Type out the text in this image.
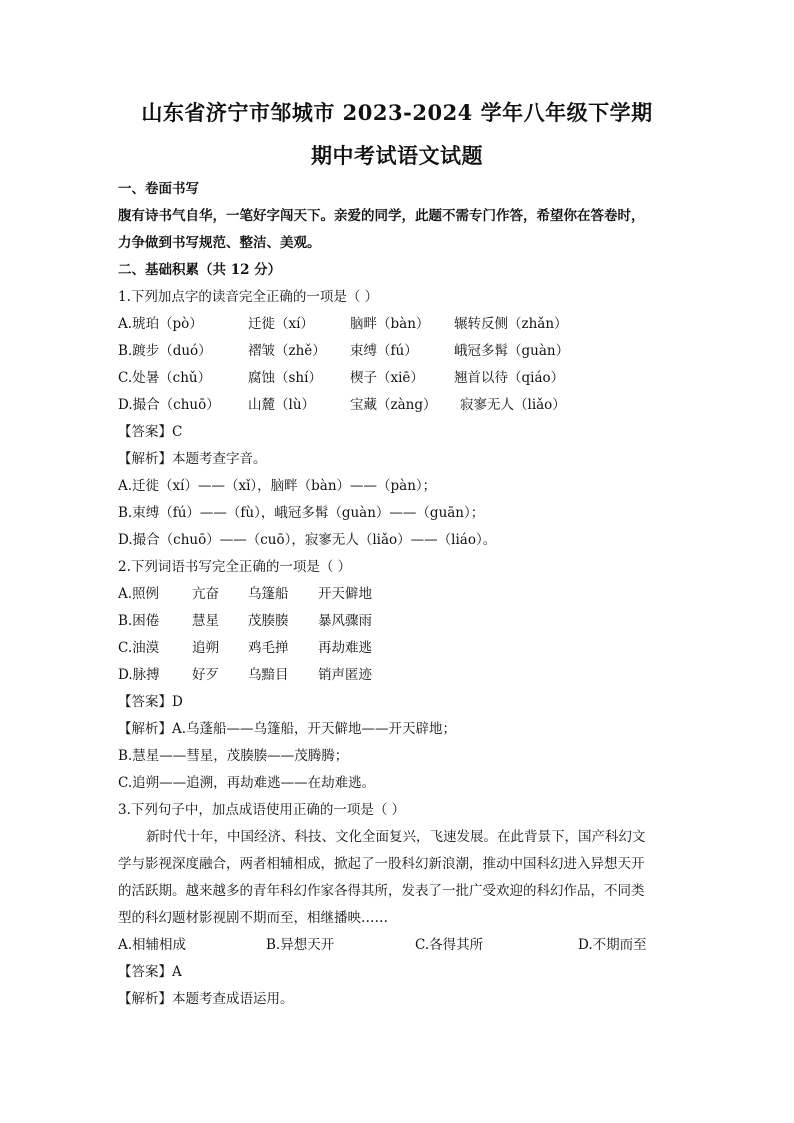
山东省济宁市邹城市 2023-2024 学年八年级下学期
期中考试语文试题
一、卷面书写
腹有诗书气自华，一笔好字闯天下。亲爱的同学，此题不需专门作答，希望你在答卷时，
力争做到书写规范、整洁、美观。
二、基础积累（共 12 分）
1.下列加点字的读音完全正确的一项是（ ）
A.琥珀（pò）	迁徙（xí）	脑畔（bàn） 辗转反侧（zhǎn）
B.踱步（duó）	褶皱（zhě） 束缚（fú）	峨冠多髯（guàn）
C.处暑（chǔ）	腐蚀（shí） 楔子（xiē） 翘首以待（qiáo）
D.撮合（chuō） 山麓（lù）	宝藏（zàng） 寂寥无人（liǎo）
【答案】C
【解析】本题考查字音。
A.迁徙（xí）——（xǐ），脑畔（bàn）——（pàn）；
B.束缚（fú）——（fù），峨冠多髯（guàn）——（guān）；
D.撮合（chuō）——（cuō），寂寥无人（liǎo）——（liáo）。
2.下列词语书写完全正确的一项是（ ）
A.照例 亢奋 乌篷船 开天僻地
B.困倦 慧星 茂腠腠 暴风骤雨
C.油漠 追朔 鸡毛掸 再劫难逃
D.脉搏 好歹 乌黯目 销声匿迹
【答案】D
【解析】A.乌蓬船——乌篷船，开天僻地——开天辟地；
B.慧星——彗星，茂腠腠——茂腾腾；
C.追朔——追溯，再劫难逃——在劫难逃。
3.下列句子中，加点成语使用正确的一项是（ ）
新时代十年，中国经济、科技、文化全面复兴，飞速发展。在此背景下，国产科幻文
学与影视深度融合，两者相辅相成，掀起了一股科幻新浪潮，推动中国科幻进入异想天开
的活跃期。越来越多的青年科幻作家各得其所，发表了一批广受欢迎的科幻作品，不同类
型的科幻题材影视剧不期而至，相继播映……
A.相辅相成	B.异想天开	C.各得其所	D.不期而至
【答案】A
【解析】本题考查成语运用。
